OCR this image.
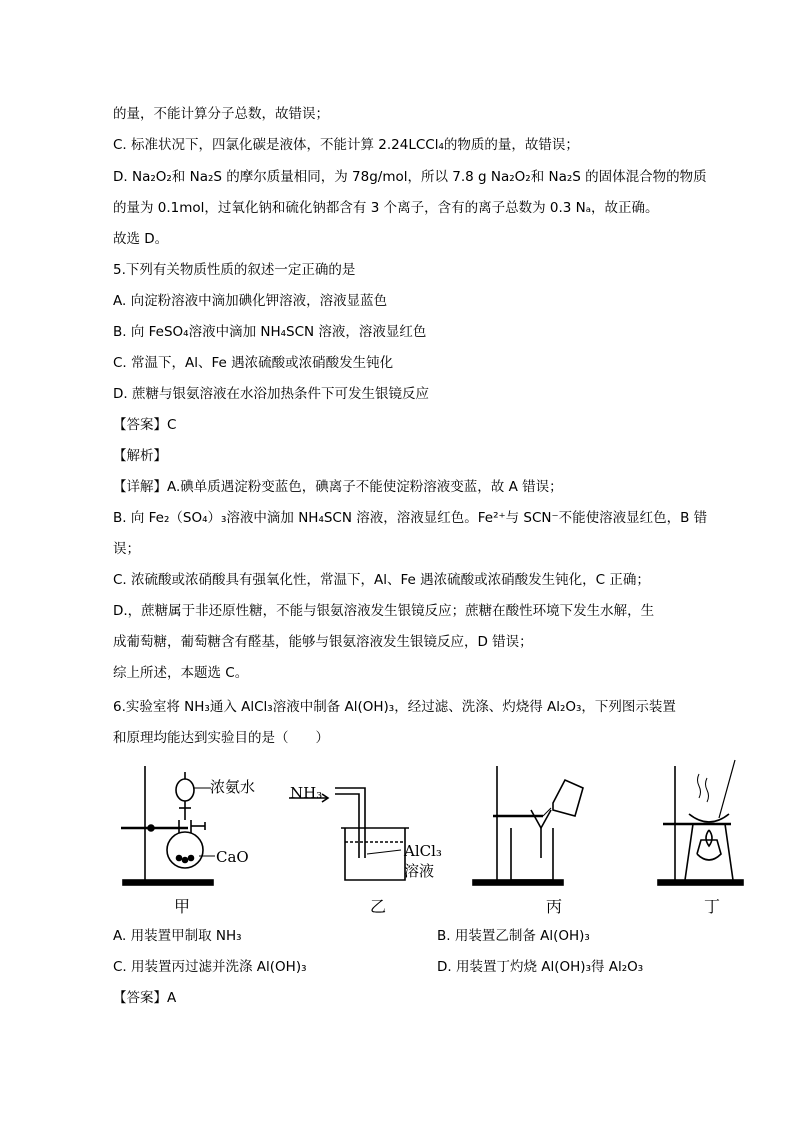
的量，不能计算分子总数，故错误；
C. 标准状况下，四氯化碳是液体，不能计算 2.24LCCl₄的物质的量，故错误；
D. Na₂O₂和 Na₂S 的摩尔质量相同，为 78g/mol，所以 7.8 g Na₂O₂和 Na₂S 的固体混合物的物质
的量为 0.1mol，过氧化钠和硫化钠都含有 3 个离子，含有的离子总数为 0.3 Nₐ，故正确。
故选 D。
5.下列有关物质性质的叙述一定正确的是
A. 向淀粉溶液中滴加碘化钾溶液，溶液显蓝色
B. 向 FeSO₄溶液中滴加 NH₄SCN 溶液，溶液显红色
C. 常温下，Al、Fe 遇浓硫酸或浓硝酸发生钝化
D. 蔗糖与银氨溶液在水浴加热条件下可发生银镜反应
【答案】C
【解析】
【详解】A.碘单质遇淀粉变蓝色，碘离子不能使淀粉溶液变蓝，故 A 错误；
B. 向 Fe₂（SO₄）₃溶液中滴加 NH₄SCN 溶液，溶液显红色。Fe²⁺与 SCN⁻不能使溶液显红色，B 错
误；
C. 浓硫酸或浓硝酸具有强氧化性，常温下，Al、Fe 遇浓硫酸或浓硝酸发生钝化，C 正确；
D.，蔗糖属于非还原性糖，不能与银氨溶液发生银镜反应；蔗糖在酸性环境下发生水解，生
成葡萄糖，葡萄糖含有醛基，能够与银氨溶液发生银镜反应，D 错误；
综上所述，本题选 C。
6.实验室将 NH₃通入 AlCl₃溶液中制备 Al(OH)₃，经过滤、洗涤、灼烧得 Al₂O₃，下列图示装置
和原理均能达到实验目的是（　　）
浓氨水
CaO
NH₃
AlCl₃
溶液
甲	乙	丙	丁
A. 用装置甲制取 NH₃	B. 用装置乙制备 Al(OH)₃
C. 用装置丙过滤并洗涤 Al(OH)₃	D. 用装置丁灼烧 Al(OH)₃得 Al₂O₃
【答案】A
